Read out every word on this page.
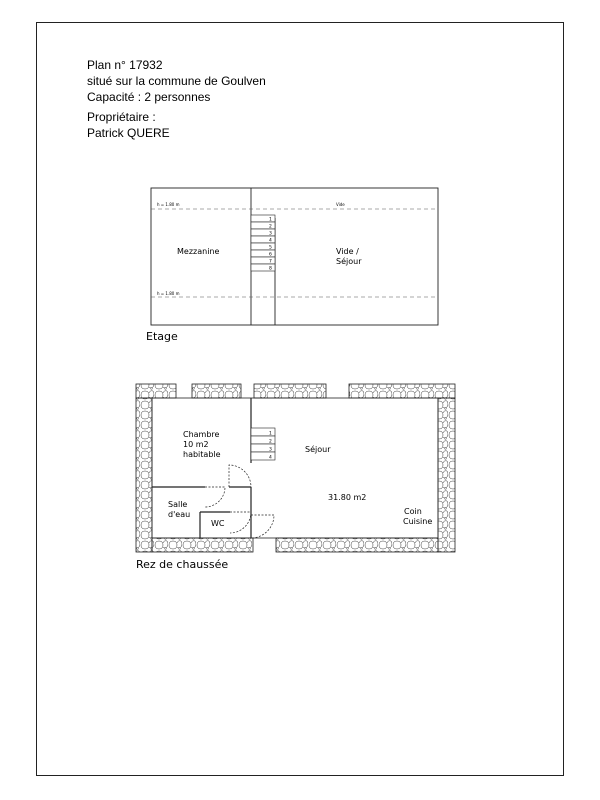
Plan n° 17932
situé sur la commune de Goulven
Capacité : 2 personnes
Propriétaire :
Patrick QUERE
h = 1.80 m
h = 1.80 m
Vide
1
2
3
4
5
6
7
8
Mezzanine	Vide /
Séjour
Etage
1
2
3
4
Chambre
10 m2
habitable
Séjour
31.80 m2
Coin
Cuisine
Salle
d'eau
WC
Rez de chaussée
